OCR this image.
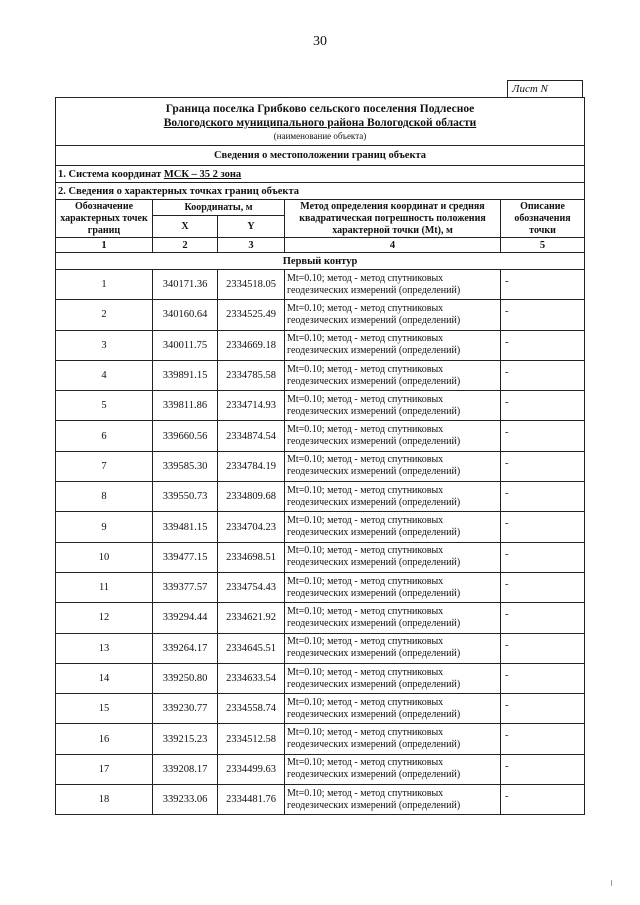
30
Лист N
Граница поселка Грибково сельского поселения Подлесное
Вологодского муниципального района Вологодской области
(наименование объекта)				

Сведения о местоположении границ объекта				
1. Система координат МСК – 35 2 зона				
2. Сведения о характерных точках границ объекта				
Обозначение характерных точек границ	Координаты, м		Метод определения координат и средняя квадратическая погрешность положения характерной точки (Mt), м	Описание обозначения точки
	X	Y		
1	2	3	4	5
Первый контур				
1	340171.36	2334518.05	Mt=0.10; метод - метод спутниковых геодезических измерений (определений)	-
2	340160.64	2334525.49	Mt=0.10; метод - метод спутниковых геодезических измерений (определений)	-
3	340011.75	2334669.18	Mt=0.10; метод - метод спутниковых геодезических измерений (определений)	-
4	339891.15	2334785.58	Mt=0.10; метод - метод спутниковых геодезических измерений (определений)	-
5	339811.86	2334714.93	Mt=0.10; метод - метод спутниковых геодезических измерений (определений)	-
6	339660.56	2334874.54	Mt=0.10; метод - метод спутниковых геодезических измерений (определений)	-
7	339585.30	2334784.19	Mt=0.10; метод - метод спутниковых геодезических измерений (определений)	-
8	339550.73	2334809.68	Mt=0.10; метод - метод спутниковых геодезических измерений (определений)	-
9	339481.15	2334704.23	Mt=0.10; метод - метод спутниковых геодезических измерений (определений)	-
10	339477.15	2334698.51	Mt=0.10; метод - метод спутниковых геодезических измерений (определений)	-
11	339377.57	2334754.43	Mt=0.10; метод - метод спутниковых геодезических измерений (определений)	-
12	339294.44	2334621.92	Mt=0.10; метод - метод спутниковых геодезических измерений (определений)	-
13	339264.17	2334645.51	Mt=0.10; метод - метод спутниковых геодезических измерений (определений)	-
14	339250.80	2334633.54	Mt=0.10; метод - метод спутниковых геодезических измерений (определений)	-
15	339230.77	2334558.74	Mt=0.10; метод - метод спутниковых геодезических измерений (определений)	-
16	339215.23	2334512.58	Mt=0.10; метод - метод спутниковых геодезических измерений (определений)	-
17	339208.17	2334499.63	Mt=0.10; метод - метод спутниковых геодезических измерений (определений)	-
18	339233.06	2334481.76	Mt=0.10; метод - метод спутниковых геодезических измерений (определений)	-
